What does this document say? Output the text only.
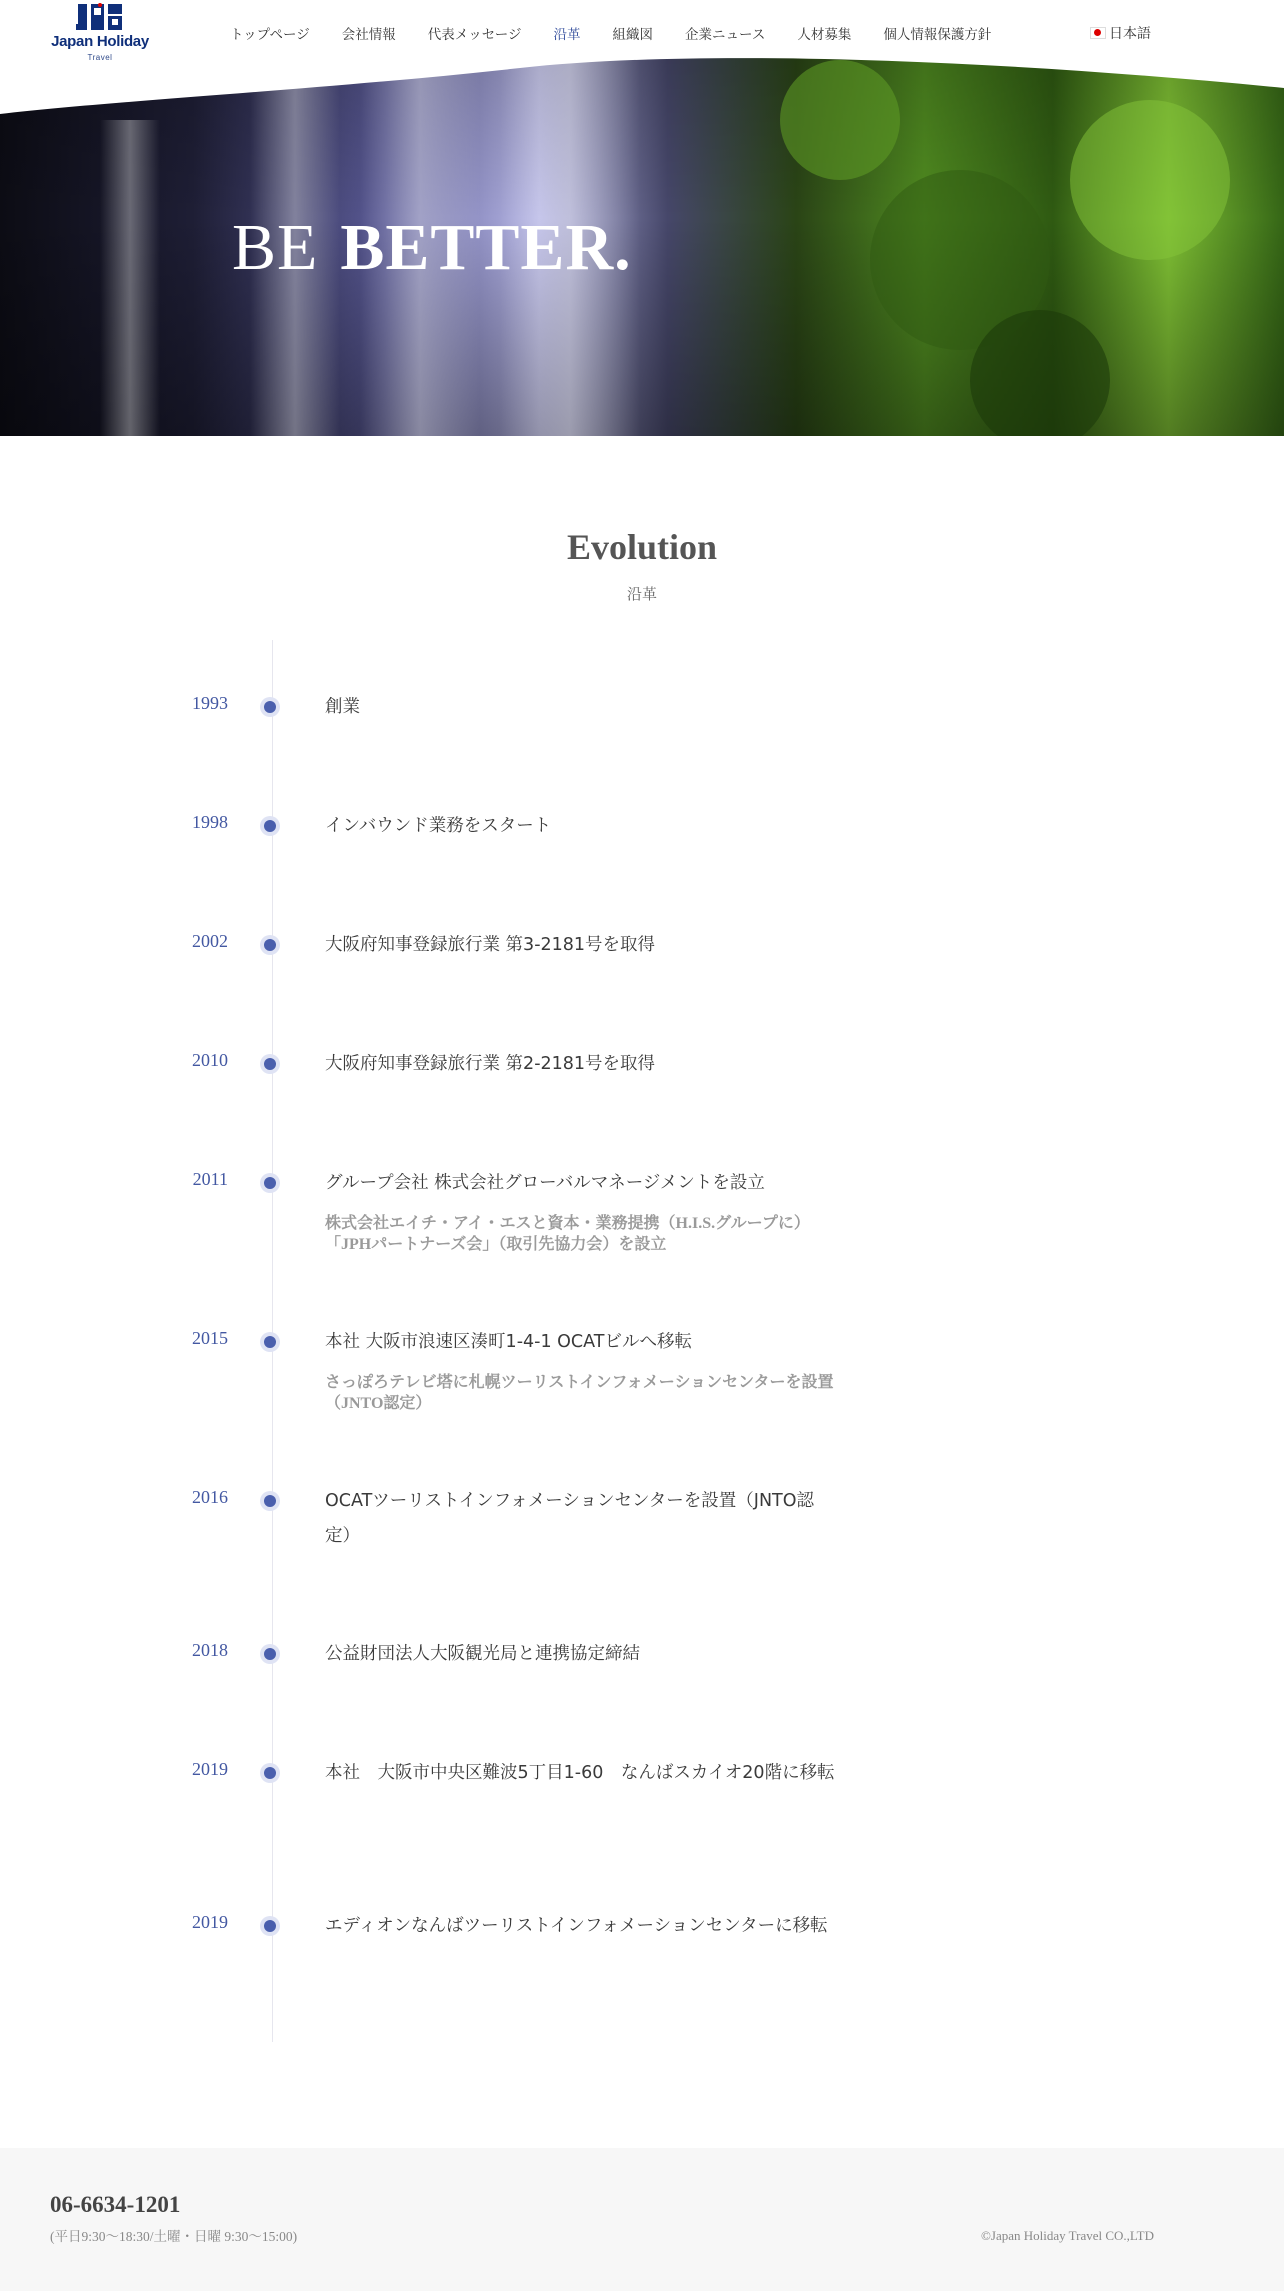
BE BETTER.
Japan Holiday
Travel
トップページ 会社情報 代表メッセージ 沿革 組織図 企業ニュース 人材募集 個人情報保護方針	日本語
Evolution
沿革
1993	創業
1998	インバウンド業務をスタート
2002	大阪府知事登録旅行業 第3-2181号を取得
2010	大阪府知事登録旅行業 第2-2181号を取得
2011	グループ会社 株式会社グローバルマネージメントを設立
株式会社エイチ・アイ・エスと資本・業務提携（H.I.S.グループに）「JPHパートナーズ会」（取引先協力会）を設立
2015	本社 大阪市浪速区湊町1-4-1 OCATビルへ移転
さっぽろテレビ塔に札幌ツーリストインフォメーションセンターを設置（JNTO認定）
2016	OCATツーリストインフォメーションセンターを設置（JNTO認定）
2018	公益財団法人大阪観光局と連携協定締結
2019	本社　大阪市中央区難波5丁目1-60　なんばスカイオ20階に移転
2019	エディオンなんばツーリストインフォメーションセンターに移転
06-6634-1201
(平日9:30～18:30/土曜・日曜 9:30～15:00)	©Japan Holiday Travel CO.,LTD
